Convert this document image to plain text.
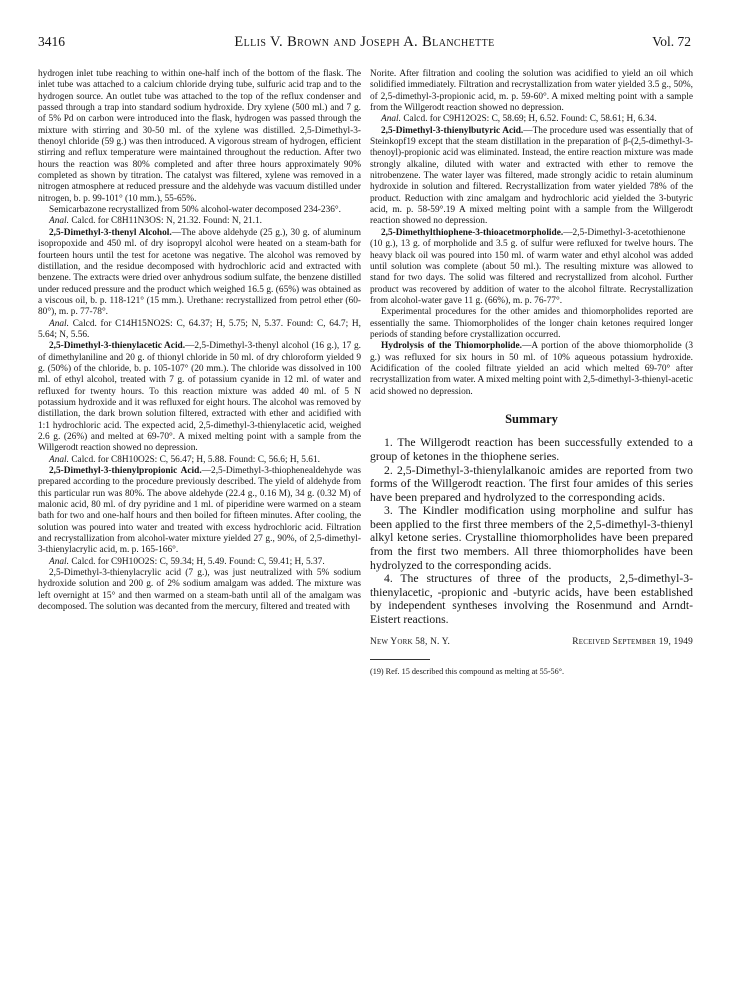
3416	Ellis V. Brown and Joseph A. Blanchette	Vol. 72

hydrogen inlet tube reaching to within one-half inch of the bottom of the flask. The inlet tube was attached to a calcium chloride drying tube, sulfuric acid trap and to the hydrogen source. An outlet tube was attached to the top of the reflux condenser and passed through a trap into standard sodium hydroxide. Dry xylene (500 ml.) and 7 g. of 5% Pd on carbon were introduced into the flask, hydrogen was passed through the mixture with stirring and 30-50 ml. of the xylene was distilled. 2,5-Dimethyl-3-thenoyl chloride (59 g.) was then introduced. A vigorous stream of hydrogen, efficient stirring and reflux temperature were maintained throughout the reduction. After two hours the reaction was 80% completed and after three hours approximately 90% completed as shown by titration. The catalyst was filtered, xylene was removed in a nitrogen atmosphere at reduced pressure and the aldehyde was vacuum distilled under nitrogen, b. p. 99-101° (10 mm.), 55-65%.

Semicarbazone recrystallized from 50% alcohol-water decomposed 234-236°.

Anal. Calcd. for C8H11N3OS: N, 21.32. Found: N, 21.1.

2,5-Dimethyl-3-thenyl Alcohol.—The above aldehyde (25 g.), 30 g. of aluminum isopropoxide and 450 ml. of dry isopropyl alcohol were heated on a steam-bath for fourteen hours until the test for acetone was negative. The alcohol was removed by distillation, and the residue decomposed with hydrochloric acid and extracted with benzene. The extracts were dried over anhydrous sodium sulfate, the benzene distilled under reduced pressure and the product which weighed 16.5 g. (65%) was obtained as a viscous oil, b. p. 118-121° (15 mm.). Urethane: recrystallized from petrol ether (60-80°), m. p. 77-78°.

Anal. Calcd. for C14H15NO2S: C, 64.37; H, 5.75; N, 5.37. Found: C, 64.7; H, 5.64; N, 5.56.

2,5-Dimethyl-3-thienylacetic Acid.—2,5-Dimethyl-3-thenyl alcohol (16 g.), 17 g. of dimethylaniline and 20 g. of thionyl chloride in 50 ml. of dry chloroform yielded 9 g. (50%) of the chloride, b. p. 105-107° (20 mm.). The chloride was dissolved in 100 ml. of ethyl alcohol, treated with 7 g. of potassium cyanide in 12 ml. of water and refluxed for twenty hours. To this reaction mixture was added 40 ml. of 5 N potassium hydroxide and it was refluxed for eight hours. The alcohol was removed by distillation, the dark brown solution filtered, extracted with ether and acidified with 1:1 hydrochloric acid. The expected acid, 2,5-dimethyl-3-thienylacetic acid, weighed 2.6 g. (26%) and melted at 69-70°. A mixed melting point with a sample from the Willgerodt reaction showed no depression.

Anal. Calcd. for C8H10O2S: C, 56.47; H, 5.88. Found: C, 56.6; H, 5.61.

2,5-Dimethyl-3-thienylpropionic Acid.—2,5-Dimethyl-3-thiophenealdehyde was prepared according to the procedure previously described. The yield of aldehyde from this particular run was 80%. The above aldehyde (22.4 g., 0.16 M), 34 g. (0.32 M) of malonic acid, 80 ml. of dry pyridine and 1 ml. of piperidine were warmed on a steam bath for two and one-half hours and then boiled for fifteen minutes. After cooling, the solution was poured into water and treated with excess hydrochloric acid. Filtration and recrystallization from alcohol-water mixture yielded 27 g., 90%, of 2,5-dimethyl-3-thienylacrylic acid, m. p. 165-166°.

Anal. Calcd. for C9H10O2S: C, 59.34; H, 5.49. Found: C, 59.41; H, 5.37.

2,5-Dimethyl-3-thienylacrylic acid (7 g.), was just neutralized with 5% sodium hydroxide solution and 200 g. of 2% sodium amalgam was added. The mixture was left overnight at 15° and then warmed on a steam-bath until all of the amalgam was decomposed. The solution was decanted from the mercury, filtered and treated with

Norite. After filtration and cooling the solution was acidified to yield an oil which solidified immediately. Filtration and recrystallization from water yielded 3.5 g., 50%, of 2,5-dimethyl-3-propionic acid, m. p. 59-60°. A mixed melting point with a sample from the Willgerodt reaction showed no depression.

Anal. Calcd. for C9H12O2S: C, 58.69; H, 6.52. Found: C, 58.61; H, 6.34.

2,5-Dimethyl-3-thienylbutyric Acid.—The procedure used was essentially that of Steinkopf19 except that the steam distillation in the preparation of β-(2,5-dimethyl-3-thenoyl)-propionic acid was eliminated. Instead, the entire reaction mixture was made strongly alkaline, diluted with water and extracted with ether to remove the nitrobenzene. The water layer was filtered, made strongly acidic to retain aluminum hydroxide in solution and filtered. Recrystallization from water yielded 78% of the product. Reduction with zinc amalgam and hydrochloric acid yielded the 3-butyric acid, m. p. 58-59°.19 A mixed melting point with a sample from the Willgerodt reaction showed no depression.

2,5-Dimethylthiophene-3-thioacetmorpholide.—2,5-Dimethyl-3-acetothienone (10 g.), 13 g. of morpholide and 3.5 g. of sulfur were refluxed for twelve hours. The heavy black oil was poured into 150 ml. of warm water and ethyl alcohol was added until solution was complete (about 50 ml.). The resulting mixture was allowed to stand for two days. The solid was filtered and recrystallized from alcohol. Further product was recovered by addition of water to the alcohol filtrate. Recrystallization from alcohol-water gave 11 g. (66%), m. p. 76-77°.

Experimental procedures for the other amides and thiomorpholides reported are essentially the same. Thiomorpholides of the longer chain ketones required longer periods of standing before crystallization occurred.

Hydrolysis of the Thiomorpholide.—A portion of the above thiomorpholide (3 g.) was refluxed for six hours in 50 ml. of 10% aqueous potassium hydroxide. Acidification of the cooled filtrate yielded an acid which melted 69-70° after recrystallization from water. A mixed melting point with 2,5-dimethyl-3-thienyl-acetic acid showed no depression.

Summary

1. The Willgerodt reaction has been successfully extended to a group of ketones in the thiophene series.

2. 2,5-Dimethyl-3-thienylalkanoic amides are reported from two forms of the Willgerodt reaction. The first four amides of this series have been prepared and hydrolyzed to the corresponding acids.

3. The Kindler modification using morpholine and sulfur has been applied to the first three members of the 2,5-dimethyl-3-thienyl alkyl ketone series. Crystalline thiomorpholides have been prepared from the first two members. All three thiomorpholides have been hydrolyzed to the corresponding acids.

4. The structures of three of the products, 2,5-dimethyl-3-thienylacetic, -propionic and -butyric acids, have been established by independent syntheses involving the Rosenmund and Arndt-Eistert reactions.

New York 58, N. Y.	Received September 19, 1949
(19) Ref. 15 described this compound as melting at 55-56°.
